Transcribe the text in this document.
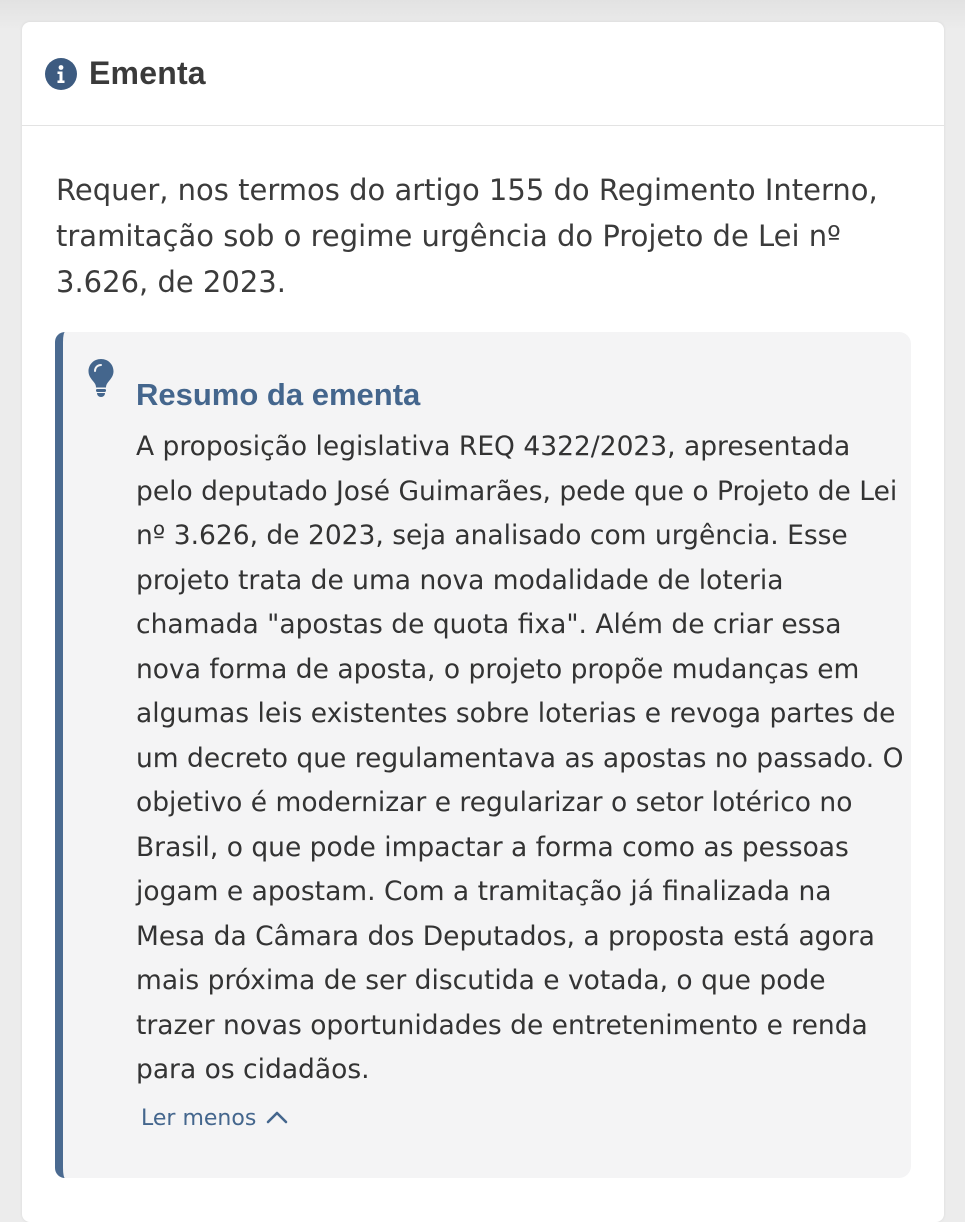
Ementa
Requer, nos termos do artigo 155 do Regimento Interno, tramitação sob o regime urgência do Projeto de Lei nº 3.626, de 2023.
Resumo da ementa
A proposição legislativa REQ 4322/2023, apresentada pelo deputado José Guimarães, pede que o Projeto de Lei nº 3.626, de 2023, seja analisado com urgência. Esse projeto trata de uma nova modalidade de loteria chamada "apostas de quota fixa". Além de criar essa nova forma de aposta, o projeto propõe mudanças em algumas leis existentes sobre loterias e revoga partes de um decreto que regulamentava as apostas no passado. O objetivo é modernizar e regularizar o setor lotérico no Brasil, o que pode impactar a forma como as pessoas jogam e apostam. Com a tramitação já finalizada na Mesa da Câmara dos Deputados, a proposta está agora mais próxima de ser discutida e votada, o que pode trazer novas oportunidades de entretenimento e renda para os cidadãos.
Ler menos
